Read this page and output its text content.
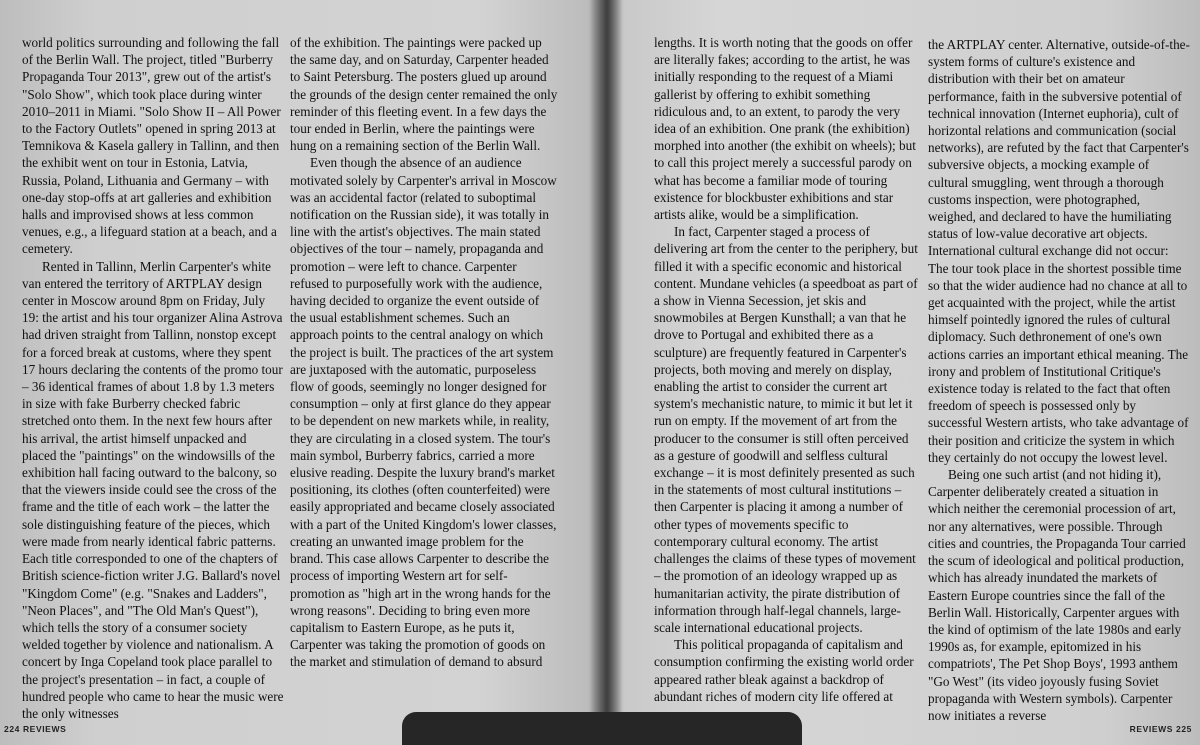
world politics surrounding and following the fall of the Berlin Wall. The project, titled "Burberry Propaganda Tour 2013", grew out of the artist's "Solo Show", which took place during winter 2010–2011 in Miami. "Solo Show II – All Power to the Factory Outlets" opened in spring 2013 at Temnikova & Kasela gallery in Tallinn, and then the exhibit went on tour in Estonia, Latvia, Russia, Poland, Lithuania and Germany – with one-day stop-offs at art galleries and exhibition halls and improvised shows at less common venues, e.g., a lifeguard station at a beach, and a cemetery.

Rented in Tallinn, Merlin Carpenter's white van entered the territory of ARTPLAY design center in Moscow around 8pm on Friday, July 19: the artist and his tour organizer Alina Astrova had driven straight from Tallinn, nonstop except for a forced break at customs, where they spent 17 hours declaring the contents of the promo tour – 36 identical frames of about 1.8 by 1.3 meters in size with fake Burberry checked fabric stretched onto them. In the next few hours after his arrival, the artist himself unpacked and placed the "paintings" on the windowsills of the exhibition hall facing outward to the balcony, so that the viewers inside could see the cross of the frame and the title of each work – the latter the sole distinguishing feature of the pieces, which were made from nearly identical fabric patterns. Each title corresponded to one of the chapters of British science-fiction writer J.G. Ballard's novel "Kingdom Come" (e.g. "Snakes and Ladders", "Neon Places", and "The Old Man's Quest"), which tells the story of a consumer society welded together by violence and nationalism. A concert by Inga Copeland took place parallel to the project's presentation – in fact, a couple of hundred people who came to hear the music were the only witnesses

of the exhibition. The paintings were packed up the same day, and on Saturday, Carpenter headed to Saint Petersburg. The posters glued up around the grounds of the design center remained the only reminder of this fleeting event. In a few days the tour ended in Berlin, where the paintings were hung on a remaining section of the Berlin Wall.

Even though the absence of an audience motivated solely by Carpenter's arrival in Moscow was an accidental factor (related to suboptimal notification on the Russian side), it was totally in line with the artist's objectives. The main stated objectives of the tour – namely, propaganda and promotion – were left to chance. Carpenter refused to purposefully work with the audience, having decided to organize the event outside of the usual establishment schemes. Such an approach points to the central analogy on which the project is built. The practices of the art system are juxtaposed with the automatic, purposeless flow of goods, seemingly no longer designed for consumption – only at first glance do they appear to be dependent on new markets while, in reality, they are circulating in a closed system. The tour's main symbol, Burberry fabrics, carried a more elusive reading. Despite the luxury brand's market positioning, its clothes (often counterfeited) were easily appropriated and became closely associated with a part of the United Kingdom's lower classes, creating an unwanted image problem for the brand. This case allows Carpenter to describe the process of importing Western art for self-promotion as "high art in the wrong hands for the wrong reasons". Deciding to bring even more capitalism to Eastern Europe, as he puts it, Carpenter was taking the promotion of goods on the market and stimulation of demand to absurd

224 REVIEWS

lengths. It is worth noting that the goods on offer are literally fakes; according to the artist, he was initially responding to the request of a Miami gallerist by offering to exhibit something ridiculous and, to an extent, to parody the very idea of an exhibition. One prank (the exhibition) morphed into another (the exhibit on wheels); but to call this project merely a successful parody on what has become a familiar mode of touring existence for blockbuster exhibitions and star artists alike, would be a simplification.

In fact, Carpenter staged a process of delivering art from the center to the periphery, but filled it with a specific economic and historical content. Mundane vehicles (a speedboat as part of a show in Vienna Secession, jet skis and snowmobiles at Bergen Kunsthall; a van that he drove to Portugal and exhibited there as a sculpture) are frequently featured in Carpenter's projects, both moving and merely on display, enabling the artist to consider the current art system's mechanistic nature, to mimic it but let it run on empty. If the movement of art from the producer to the consumer is still often perceived as a gesture of goodwill and selfless cultural exchange – it is most definitely presented as such in the statements of most cultural institutions – then Carpenter is placing it among a number of other types of movements specific to contemporary cultural economy. The artist challenges the claims of these types of movement – the promotion of an ideology wrapped up as humanitarian activity, the pirate distribution of information through half-legal channels, large-scale international educational projects.

This political propaganda of capitalism and consumption confirming the existing world order appeared rather bleak against a backdrop of abundant riches of modern city life offered at

the ARTPLAY center. Alternative, outside-of-the-system forms of culture's existence and distribution with their bet on amateur performance, faith in the subversive potential of technical innovation (Internet euphoria), cult of horizontal relations and communication (social networks), are refuted by the fact that Carpenter's subversive objects, a mocking example of cultural smuggling, went through a thorough customs inspection, were photographed, weighed, and declared to have the humiliating status of low-value decorative art objects. International cultural exchange did not occur: The tour took place in the shortest possible time so that the wider audience had no chance at all to get acquainted with the project, while the artist himself pointedly ignored the rules of cultural diplomacy. Such dethronement of one's own actions carries an important ethical meaning. The irony and problem of Institutional Critique's existence today is related to the fact that often freedom of speech is possessed only by successful Western artists, who take advantage of their position and criticize the system in which they certainly do not occupy the lowest level.

Being one such artist (and not hiding it), Carpenter deliberately created a situation in which neither the ceremonial procession of art, nor any alternatives, were possible. Through cities and countries, the Propaganda Tour carried the scum of ideological and political production, which has already inundated the markets of Eastern Europe countries since the fall of the Berlin Wall. Historically, Carpenter argues with the kind of optimism of the late 1980s and early 1990s as, for example, epitomized in his compatriots', The Pet Shop Boys', 1993 anthem "Go West" (its video joyously fusing Soviet propaganda with Western symbols). Carpenter now initiates a reverse

REVIEWS 225
